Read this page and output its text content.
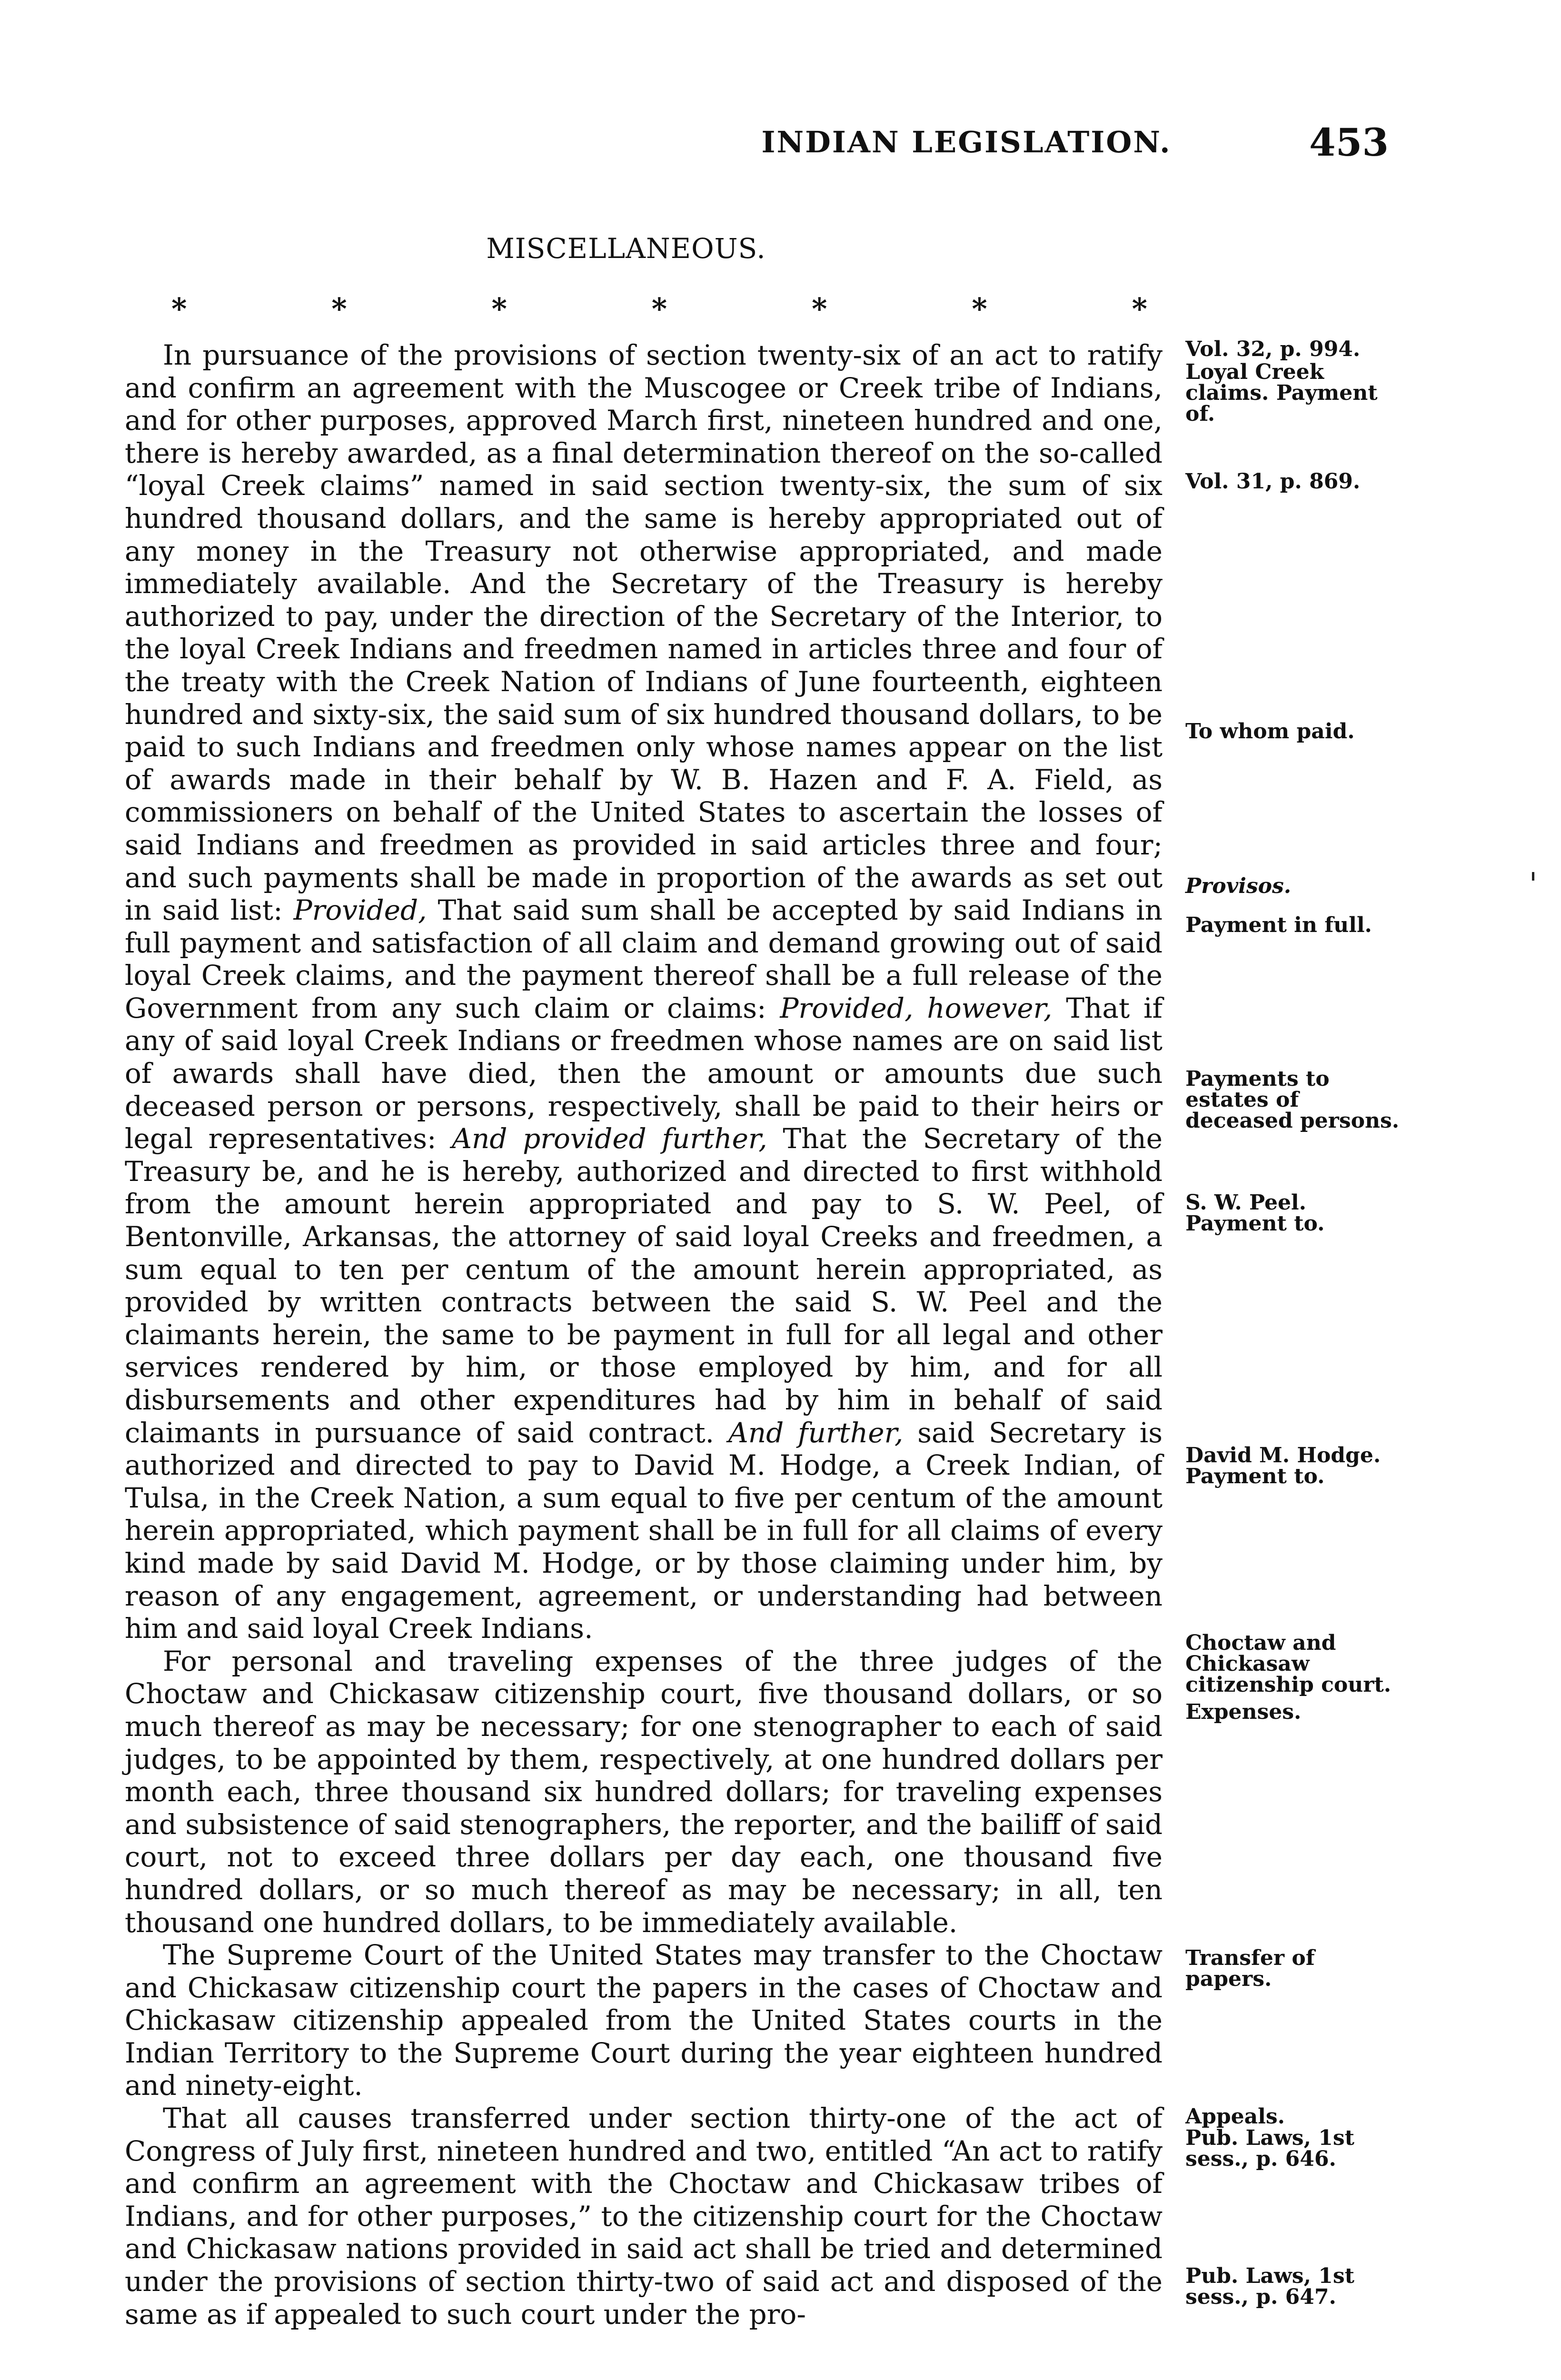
INDIAN LEGISLATION.	453
MISCELLANEOUS.
*	*	*	*	*	*	*

In pursuance of the provisions of section twenty-six of an act to ratify and confirm an agreement with the Muscogee or Creek tribe of Indians, and for other purposes, approved March first, nineteen hundred and one, there is hereby awarded, as a final determination thereof on the so-called “loyal Creek claims” named in said section twenty-six, the sum of six hundred thousand dollars, and the same is hereby appropriated out of any money in the Treasury not otherwise appropriated, and made immediately available. And the Secretary of the Treasury is hereby authorized to pay, under the direction of the Secretary of the Interior, to the loyal Creek Indians and freedmen named in articles three and four of the treaty with the Creek Nation of Indians of June fourteenth, eighteen hundred and sixty-six, the said sum of six hundred thousand dollars, to be paid to such Indians and freedmen only whose names appear on the list of awards made in their behalf by W. B. Hazen and F. A. Field, as commissioners on behalf of the United States to ascertain the losses of said Indians and freedmen as provided in said articles three and four; and such payments shall be made in proportion of the awards as set out in said list: Provided, That said sum shall be accepted by said Indians in full payment and satisfaction of all claim and demand growing out of said loyal Creek claims, and the payment thereof shall be a full release of the Government from any such claim or claims: Provided, however, That if any of said loyal Creek Indians or freedmen whose names are on said list of awards shall have died, then the amount or amounts due such deceased person or persons, respectively, shall be paid to their heirs or legal representatives: And provided further, That the Secretary of the Treasury be, and he is hereby, authorized and directed to first withhold from the amount herein appropriated and pay to S. W. Peel, of Bentonville, Arkansas, the attorney of said loyal Creeks and freedmen, a sum equal to ten per centum of the amount herein appropriated, as provided by written contracts between the said S. W. Peel and the claimants herein, the same to be payment in full for all legal and other services rendered by him, or those employed by him, and for all disbursements and other expenditures had by him in behalf of said claimants in pursuance of said contract. And further, said Secretary is authorized and directed to pay to David M. Hodge, a Creek Indian, of Tulsa, in the Creek Nation, a sum equal to five per centum of the amount herein appropriated, which payment shall be in full for all claims of every kind made by said David M. Hodge, or by those claiming under him, by reason of any engagement, agreement, or understanding had between him and said loyal Creek Indians.

For personal and traveling expenses of the three judges of the Choctaw and Chickasaw citizenship court, five thousand dollars, or so much thereof as may be necessary; for one stenographer to each of said judges, to be appointed by them, respectively, at one hundred dollars per month each, three thousand six hundred dollars; for traveling expenses and subsistence of said stenographers, the reporter, and the bailiff of said court, not to exceed three dollars per day each, one thousand five hundred dollars, or so much thereof as may be necessary; in all, ten thousand one hundred dollars, to be immediately available.

The Supreme Court of the United States may transfer to the Choctaw and Chickasaw citizenship court the papers in the cases of Choctaw and Chickasaw citizenship appealed from the United States courts in the Indian Territory to the Supreme Court during the year eighteen hundred and ninety-eight.

That all causes transferred under section thirty-one of the act of Congress of July first, nineteen hundred and two, entitled “An act to ratify and confirm an agreement with the Choctaw and Chickasaw tribes of Indians, and for other purposes,” to the citizenship court for the Choctaw and Chickasaw nations provided in said act shall be tried and determined under the provisions of section thirty-two of said act and disposed of the same as if appealed to such court under the pro-

Vol. 32, p. 994.
Loyal Creek claims. Payment of.
Vol. 31, p. 869.
To whom paid.
Provisos.
Payment in full.
Payments to estates of deceased persons.
S. W. Peel. Payment to.
David M. Hodge. Payment to.
Choctaw and Chickasaw citizenship court.
Expenses.
Transfer of papers.
Appeals.
Pub. Laws, 1st sess., p. 646.
Pub. Laws, 1st sess., p. 647.
